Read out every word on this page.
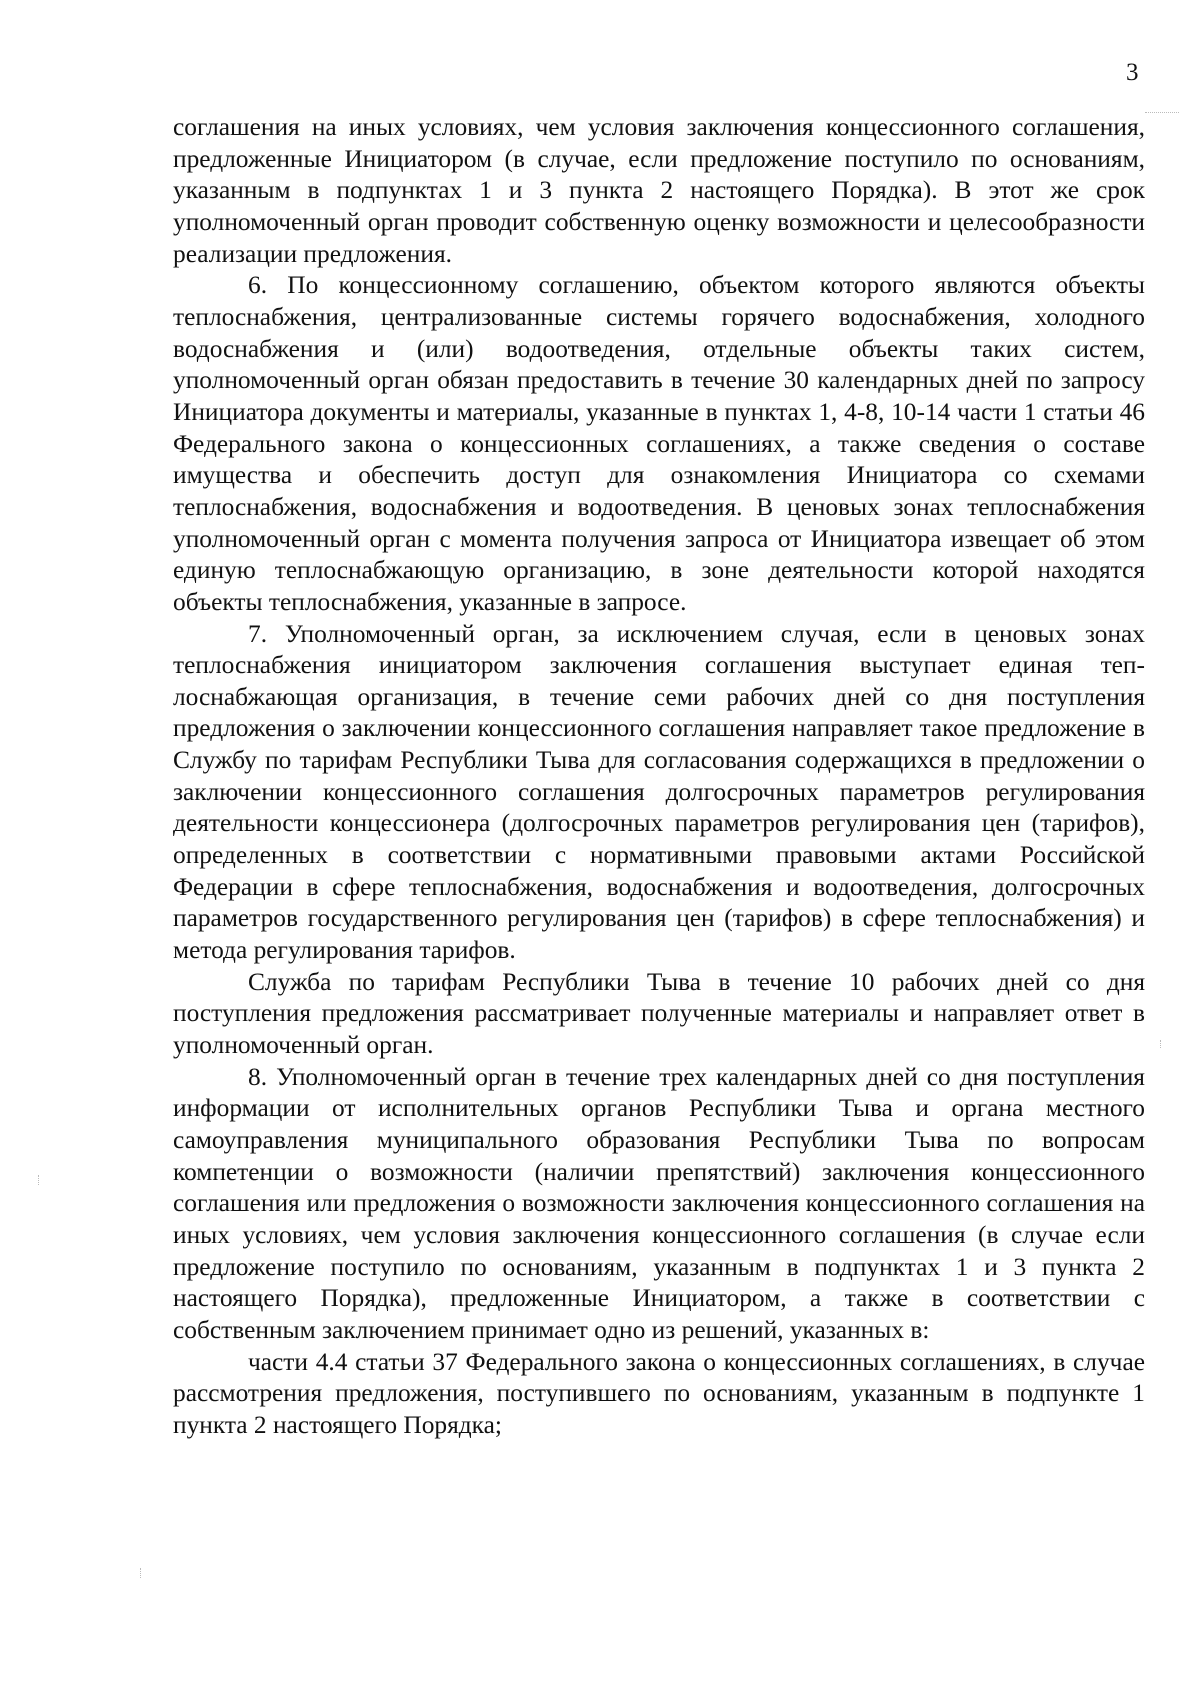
3

соглашения на иных условиях, чем условия заключения концессионного соглашения, предложенные Инициатором (в случае, если предложение поступило по основаниям, указанным в подпунктах 1 и 3 пункта 2 настоящего Порядка). В этот же срок уполномоченный орган проводит собственную оценку возможности и целесообразности реализации предложения.

6. По концессионному соглашению, объектом которого являются объекты теплоснабжения, централизованные системы горячего водоснабжения, холодного водоснабжения и (или) водоотведения, отдельные объекты таких систем, уполномоченный орган обязан предоставить в течение 30 календарных дней по запросу Инициатора документы и материалы, указанные в пунктах 1, 4-8, 10-14 части 1 статьи 46 Федерального закона о концессионных соглашениях, а также сведения о составе имущества и обеспечить доступ для ознакомления Инициатора со схемами теплоснабжения, водоснабжения и водоотведения. В ценовых зонах теплоснабжения уполномоченный орган с момента получения запроса от Инициатора извещает об этом единую теплоснабжающую организацию, в зоне деятельности которой находятся объекты теплоснабжения, указанные в запросе.

7. Уполномоченный орган, за исключением случая, если в ценовых зонах теплоснабжения инициатором заключения соглашения выступает единая теплоснабжающая организация, в течение семи рабочих дней со дня поступления предложения о заключении концессионного соглашения направляет такое предложение в Службу по тарифам Республики Тыва для согласования содержащихся в предложении о заключении концессионного соглашения долгосрочных параметров регулирования деятельности концессионера (долгосрочных параметров регулирования цен (тарифов), определенных в соответствии с нормативными правовыми актами Российской Федерации в сфере теплоснабжения, водоснабжения и водоотведения, долгосрочных параметров государственного регулирования цен (тарифов) в сфере теплоснабжения) и метода регулирования тарифов.

Служба по тарифам Республики Тыва в течение 10 рабочих дней со дня поступления предложения рассматривает полученные материалы и направляет ответ в уполномоченный орган.

8. Уполномоченный орган в течение трех календарных дней со дня поступления информации от исполнительных органов Республики Тыва и органа местного самоуправления муниципального образования Республики Тыва по вопросам компетенции о возможности (наличии препятствий) заключения концессионного соглашения или предложения о возможности заключения концессионного соглашения на иных условиях, чем условия заключения концессионного соглашения (в случае если предложение поступило по основаниям, указанным в подпунктах 1 и 3 пункта 2 настоящего Порядка), предложенные Инициатором, а также в соответствии с собственным заключением принимает одно из решений, указанных в:

части 4.4 статьи 37 Федерального закона о концессионных соглашениях, в случае рассмотрения предложения, поступившего по основаниям, указанным в подпункте 1 пункта 2 настоящего Порядка;
